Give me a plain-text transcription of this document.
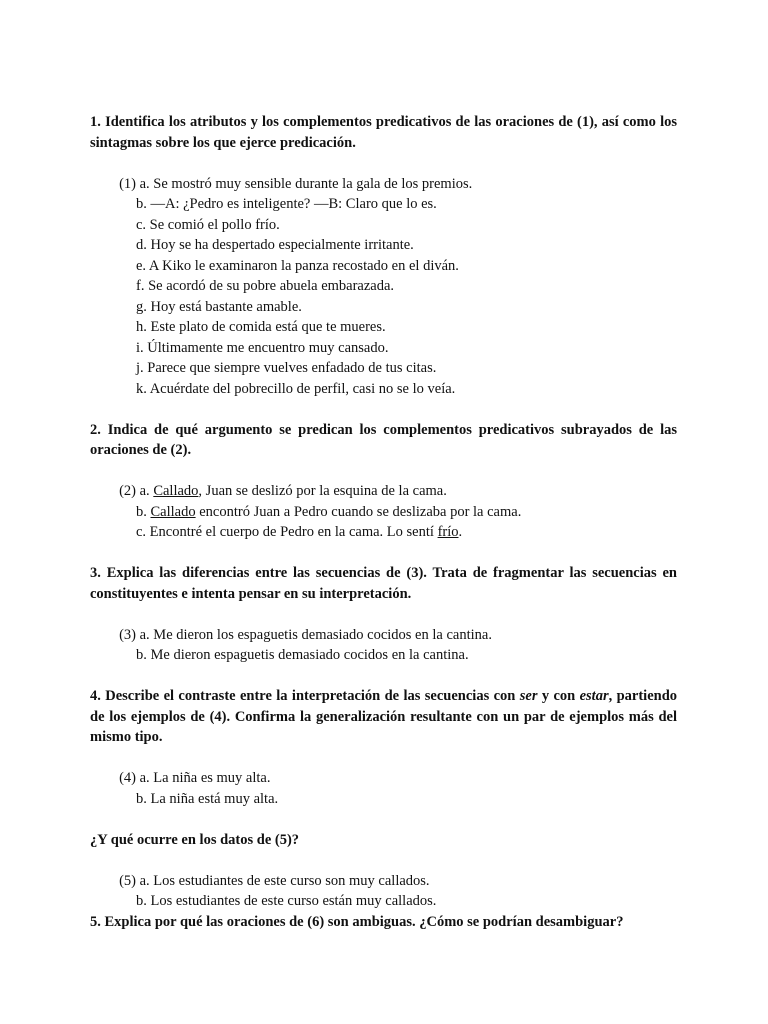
1. Identifica los atributos y los complementos predicativos de las oraciones de (1), así como los sintagmas sobre los que ejerce predicación.

(1) a. Se mostró muy sensible durante la gala de los premios.
b. —A: ¿Pedro es inteligente? —B: Claro que lo es.
c. Se comió el pollo frío.
d. Hoy se ha despertado especialmente irritante.
e. A Kiko le examinaron la panza recostado en el diván.
f. Se acordó de su pobre abuela embarazada.
g. Hoy está bastante amable.
h. Este plato de comida está que te mueres.
i. Últimamente me encuentro muy cansado.
j. Parece que siempre vuelves enfadado de tus citas.
k. Acuérdate del pobrecillo de perfil, casi no se lo veía.

2. Indica de qué argumento se predican los complementos predicativos subrayados de las oraciones de (2).

(2) a. Callado, Juan se deslizó por la esquina de la cama.
b. Callado encontró Juan a Pedro cuando se deslizaba por la cama.
c. Encontré el cuerpo de Pedro en la cama. Lo sentí frío.

3. Explica las diferencias entre las secuencias de (3). Trata de fragmentar las secuencias en constituyentes e intenta pensar en su interpretación.

(3) a. Me dieron los espaguetis demasiado cocidos en la cantina.
b. Me dieron espaguetis demasiado cocidos en la cantina.

4. Describe el contraste entre la interpretación de las secuencias con ser y con estar, partiendo de los ejemplos de (4). Confirma la generalización resultante con un par de ejemplos más del mismo tipo.

(4) a. La niña es muy alta.
b. La niña está muy alta.

¿Y qué ocurre en los datos de (5)?

(5) a. Los estudiantes de este curso son muy callados.
b. Los estudiantes de este curso están muy callados.

5. Explica por qué las oraciones de (6) son ambiguas. ¿Cómo se podrían desambiguar?
